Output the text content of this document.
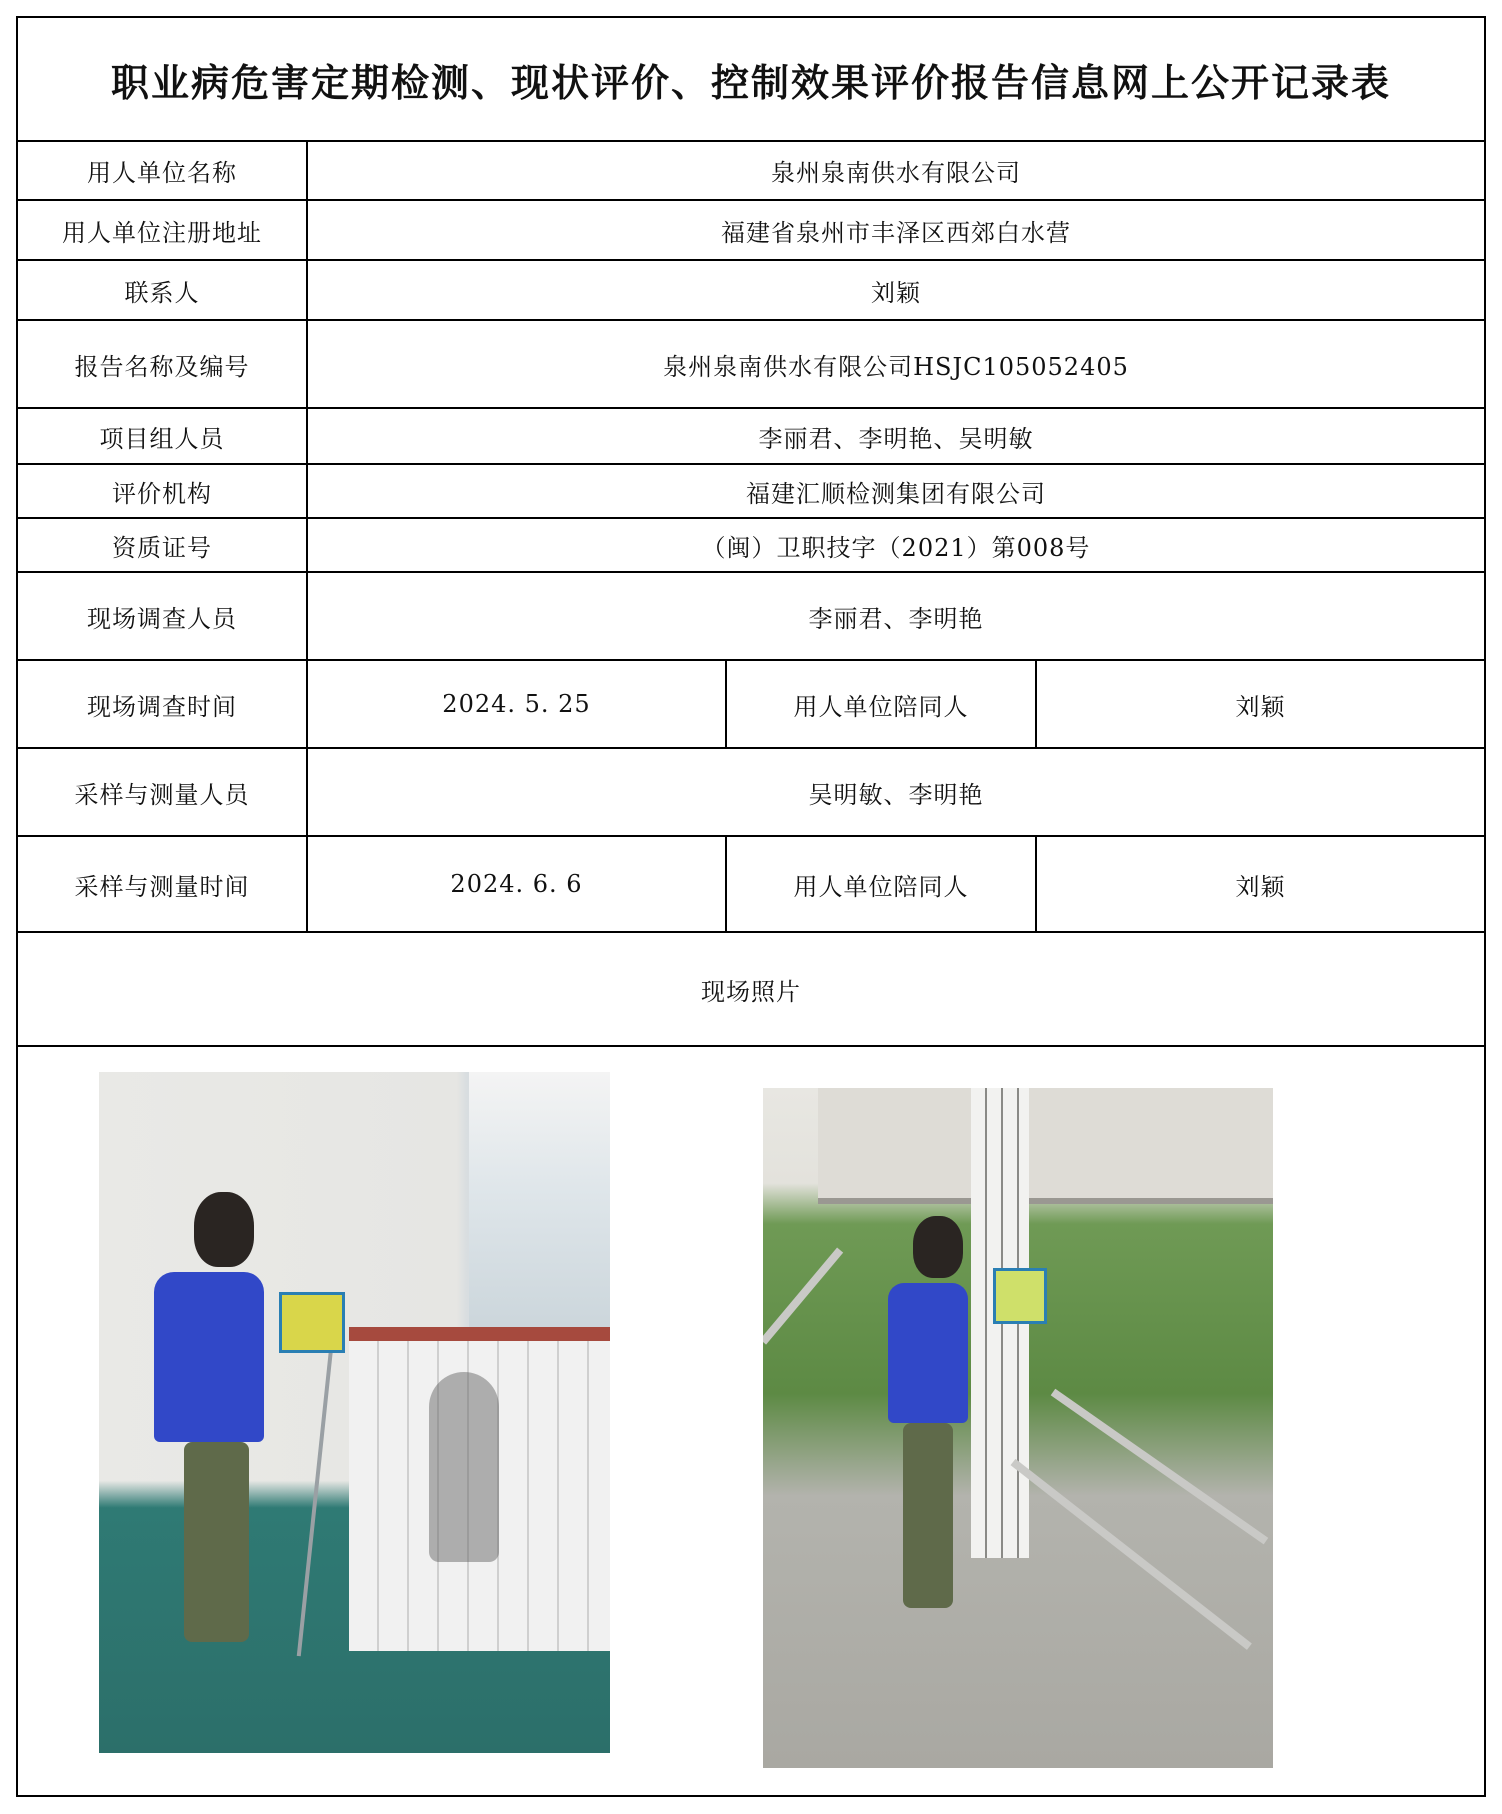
职业病危害定期检测、现状评价、控制效果评价报告信息网上公开记录表
用人单位名称	泉州泉南供水有限公司
用人单位注册地址	福建省泉州市丰泽区西郊白水营
联系人	刘颖
报告名称及编号	泉州泉南供水有限公司HSJC105052405
项目组人员	李丽君、李明艳、吴明敏
评价机构	福建汇顺检测集团有限公司
资质证号	（闽）卫职技字（2021）第008号
现场调查人员	李丽君、李明艳
现场调查时间	2024. 5. 25	用人单位陪同人	刘颖
采样与测量人员	吴明敏、李明艳
采样与测量时间	2024. 6. 6	用人单位陪同人	刘颖
现场照片
